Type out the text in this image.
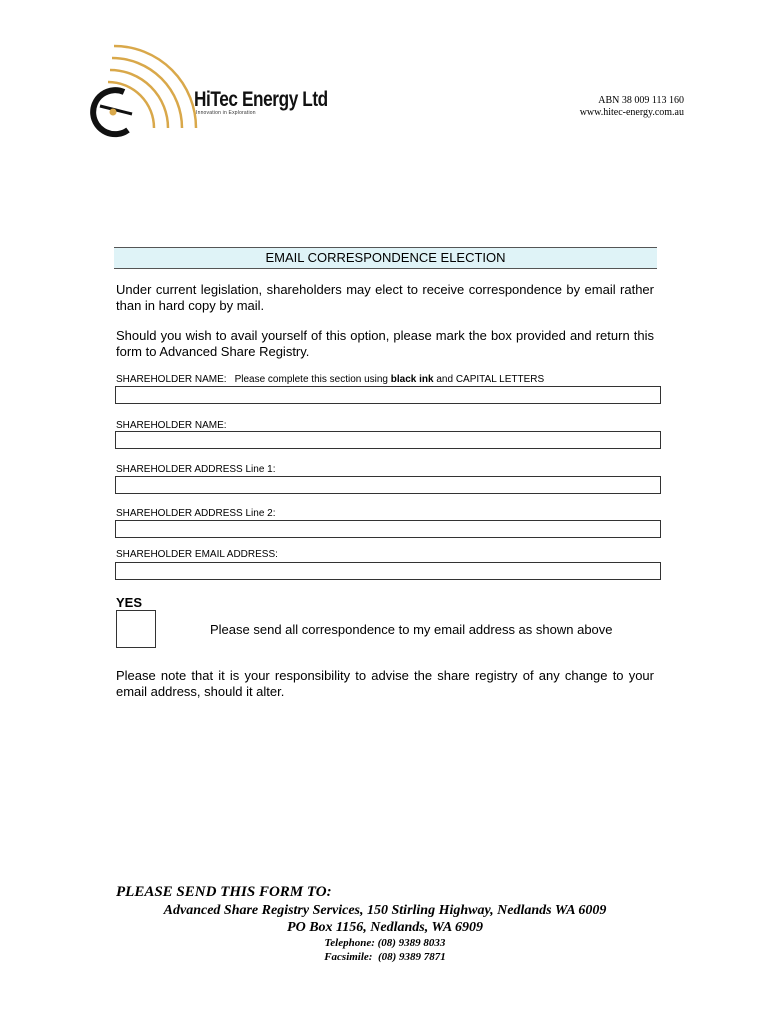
HiTec Energy Ltd
Innovation in Exploration
ABN 38 009 113 160
www.hitec-energy.com.au
EMAIL CORRESPONDENCE ELECTION
Under current legislation, shareholders may elect to receive correspondence by email rather than in hard copy by mail.
Should you wish to avail yourself of this option, please mark the box provided and return this form to Advanced Share Registry.
SHAREHOLDER NAME: Please complete this section using black ink and CAPITAL LETTERS
SHAREHOLDER NAME:
SHAREHOLDER ADDRESS Line 1:
SHAREHOLDER ADDRESS Line 2:
SHAREHOLDER EMAIL ADDRESS:
YES
Please send all correspondence to my email address as shown above
Please note that it is your responsibility to advise the share registry of any change to your email address, should it alter.
PLEASE SEND THIS FORM TO:
Advanced Share Registry Services, 150 Stirling Highway, Nedlands WA 6009
PO Box 1156, Nedlands, WA 6909
Telephone: (08) 9389 8033
Facsimile:  (08) 9389 7871
